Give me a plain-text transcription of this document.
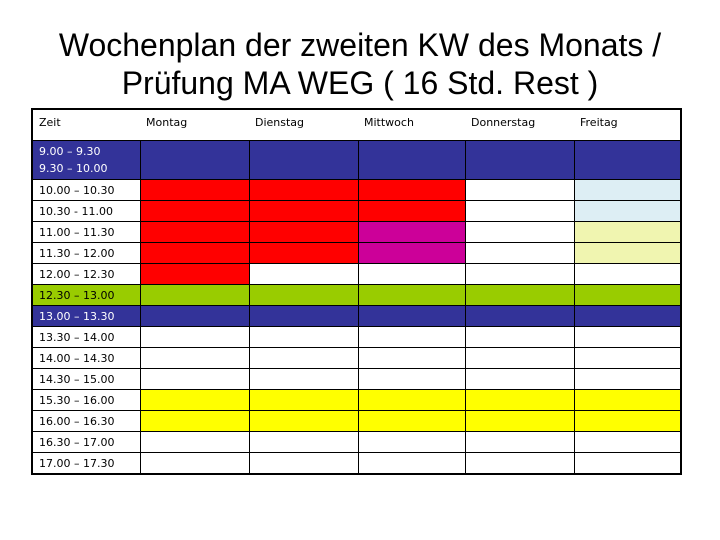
Wochenplan der zweiten KW des Monats /
Prüfung MA WEG ( 16 Std. Rest )
Zeit	Montag	Dienstag	Mittwoch	Donnerstag	Freitag

9.00 – 9.30
9.30 – 10.00					

10.00 – 10.30					
10.30 - 11.00					
11.00 – 11.30					
11.30 – 12.00					
12.00 – 12.30					
12.30 – 13.00					
13.00 – 13.30					
13.30 – 14.00					
14.00 – 14.30					
14.30 – 15.00					
15.30 – 16.00					
16.00 – 16.30					
16.30 – 17.00					
17.00 – 17.30					
